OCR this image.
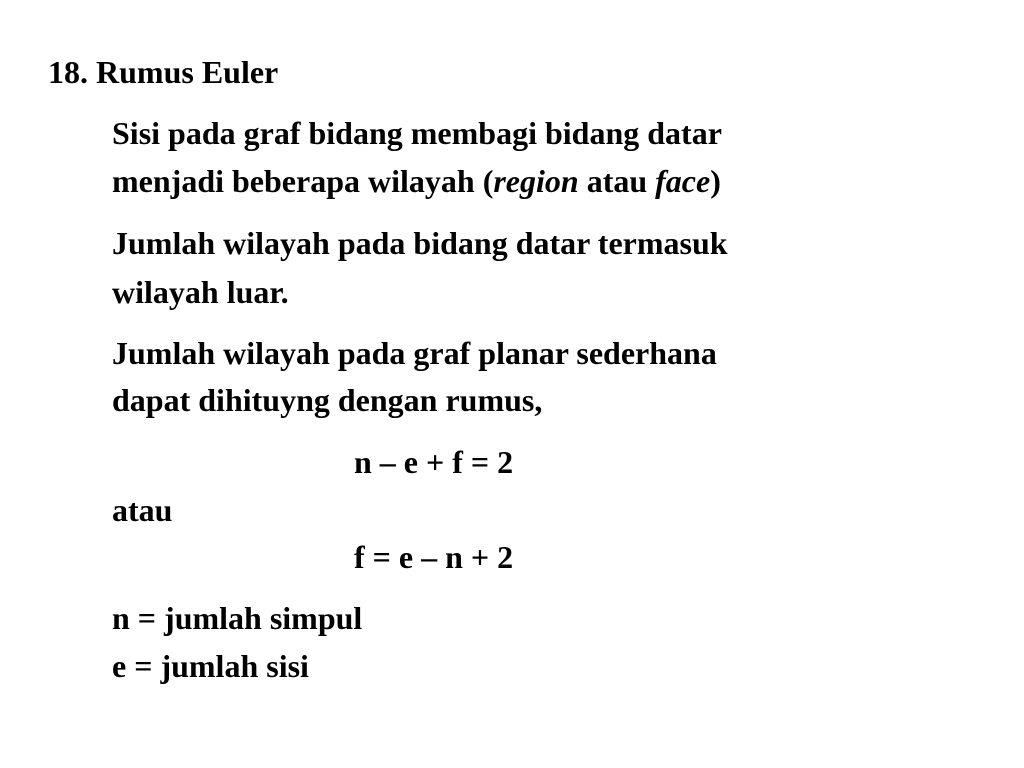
18. Rumus Euler
Sisi pada graf bidang membagi bidang datar
menjadi beberapa wilayah (region atau face)
Jumlah wilayah pada bidang datar termasuk
wilayah luar.
Jumlah wilayah pada graf planar sederhana
dapat dihituyng dengan rumus,
n – e + f = 2
atau
f = e – n + 2
n = jumlah simpul
e = jumlah sisi
